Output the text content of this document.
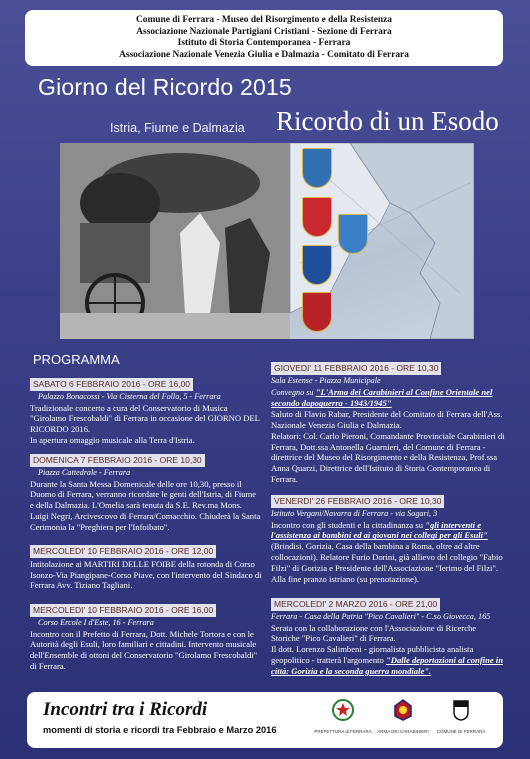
Comune di Ferrara - Museo del Risorgimento e della Resistenza
Associazione Nazionale Partigiani Cristiani - Sezione di Ferrara
Istituto di Storia Contemporanea - Ferrara
Associazione Nazionale Venezia Giulia e Dalmazia - Comitato di Ferrara
Giorno del Ricordo 2015
Istria, Fiume e Dalmazia Ricordo di un Esodo
PROGRAMMA
SABATO 6 FEBBRAIO 2016 - ORE 16,00
Palazzo Bonacossi - Via Cisterna del Follo, 5 - Ferrara
Tradizionale concerto a cura del Conservatorio di Musica "Girolamo Frescobaldi" di Ferrara in occasione del GIORNO DEL RICORDO 2016.
In apertura omaggio musicale alla Terra d'Istria.
DOMENICA 7 FEBBRAIO 2016 - ORE 10,30
Piazza Cattedrale - Ferrara
Durante la Santa Messa Domenicale delle ore 10,30, presso il Duomo di Ferrara, verranno ricordate le genti dell'Istria, di Fiume e della Dalmazia. L'Omelia sarà tenuta da S.E. Rev.ma Mons. Luigi Negri, Arcivescovo di Ferrara/Comacchio. Chiuderà la Santa Cerimonia la "Preghiera per l'Infoibato".
MERCOLEDI' 10 FEBBRAIO 2016 - ORE 12,00
Intitolazione ai MARTIRI DELLE FOIBE della rotonda di Corso Isonzo-Via Piangipane-Corso Piave, con l'intervento del Sindaco di Ferrara Avv. Tiziano Tagliani.
MERCOLEDI' 10 FEBBRAIO 2016 - ORE 16,00
Corso Ercole I d'Este, 16 - Ferrara
Incontro con il Prefetto di Ferrara, Dott. Michele Tortora e con le Autorità degli Esuli, loro familiari e cittadini. Intervento musicale dell'Ensemble di ottoni del Conservatorio "Girolamo Frescobaldi" di Ferrara.
GIOVEDI' 11 FEBBRAIO 2016 - ORE 10,30
Sala Estense - Piazza Municipale
Convegno su "L'Arma dei Carabinieri al Confine Orientale nel secondo dopoguerra - 1943/1945"
Saluto di Flavio Rabar, Presidente del Comitato di Ferrara dell'Ass. Nazionale Venezia Giulia e Dalmazia.
Relatori: Col. Carlo Pieroni, Comandante Provinciale Carabinieri di Ferrara, Dott.ssa Antonella Guarnieri, del Comune di Ferrara - direttrice del Museo del Risorgimento e della Resistenza, Prof.ssa Anna Quarzi, Direttrice dell'Istituto di Storia Contemporanea di Ferrara.
VENERDI' 26 FEBBRAIO 2016 - ORE 10,30
Istituto Vergani/Navarra di Ferrara - via Sogari, 3
Incontro con gli studenti e la cittadinanza su "gli interventi e l'assistenza ai bambini ed ai giovani nei collegi per gli Esuli"
(Brindisi, Gorizia, Casa della bambina a Roma, oltre ad altre collocazioni). Relatore Furio Dorini, già allievo del collegio "Fabio Filzi" di Gorizia e Presidente dell'Associazione "Ierimo del Filzi". Alla fine pranzo istriano (su prenotazione).
MERCOLEDI' 2 MARZO 2016 - ORE 21,00
Ferrara - Casa della Patria "Pico Cavalieri" - C.so Giovecca, 165
Serata con la collaborazione con l'Associazione di Ricerche Storiche "Pico Cavalieri" di Ferrara.
Il dott. Lorenzo Salimbeni - giornalista pubblicista analista geopolitico - tratterà l'argomento "Dalle deportazioni al confine in città: Gorizia e la seconda guerra mondiale".
Incontri tra i Ricordi
momenti di storia e ricordi tra Febbraio e Marzo 2016	PREFETTURA di FERRARA	ARMA DEI CARABINIERI	COMUNE DI FERRARA
